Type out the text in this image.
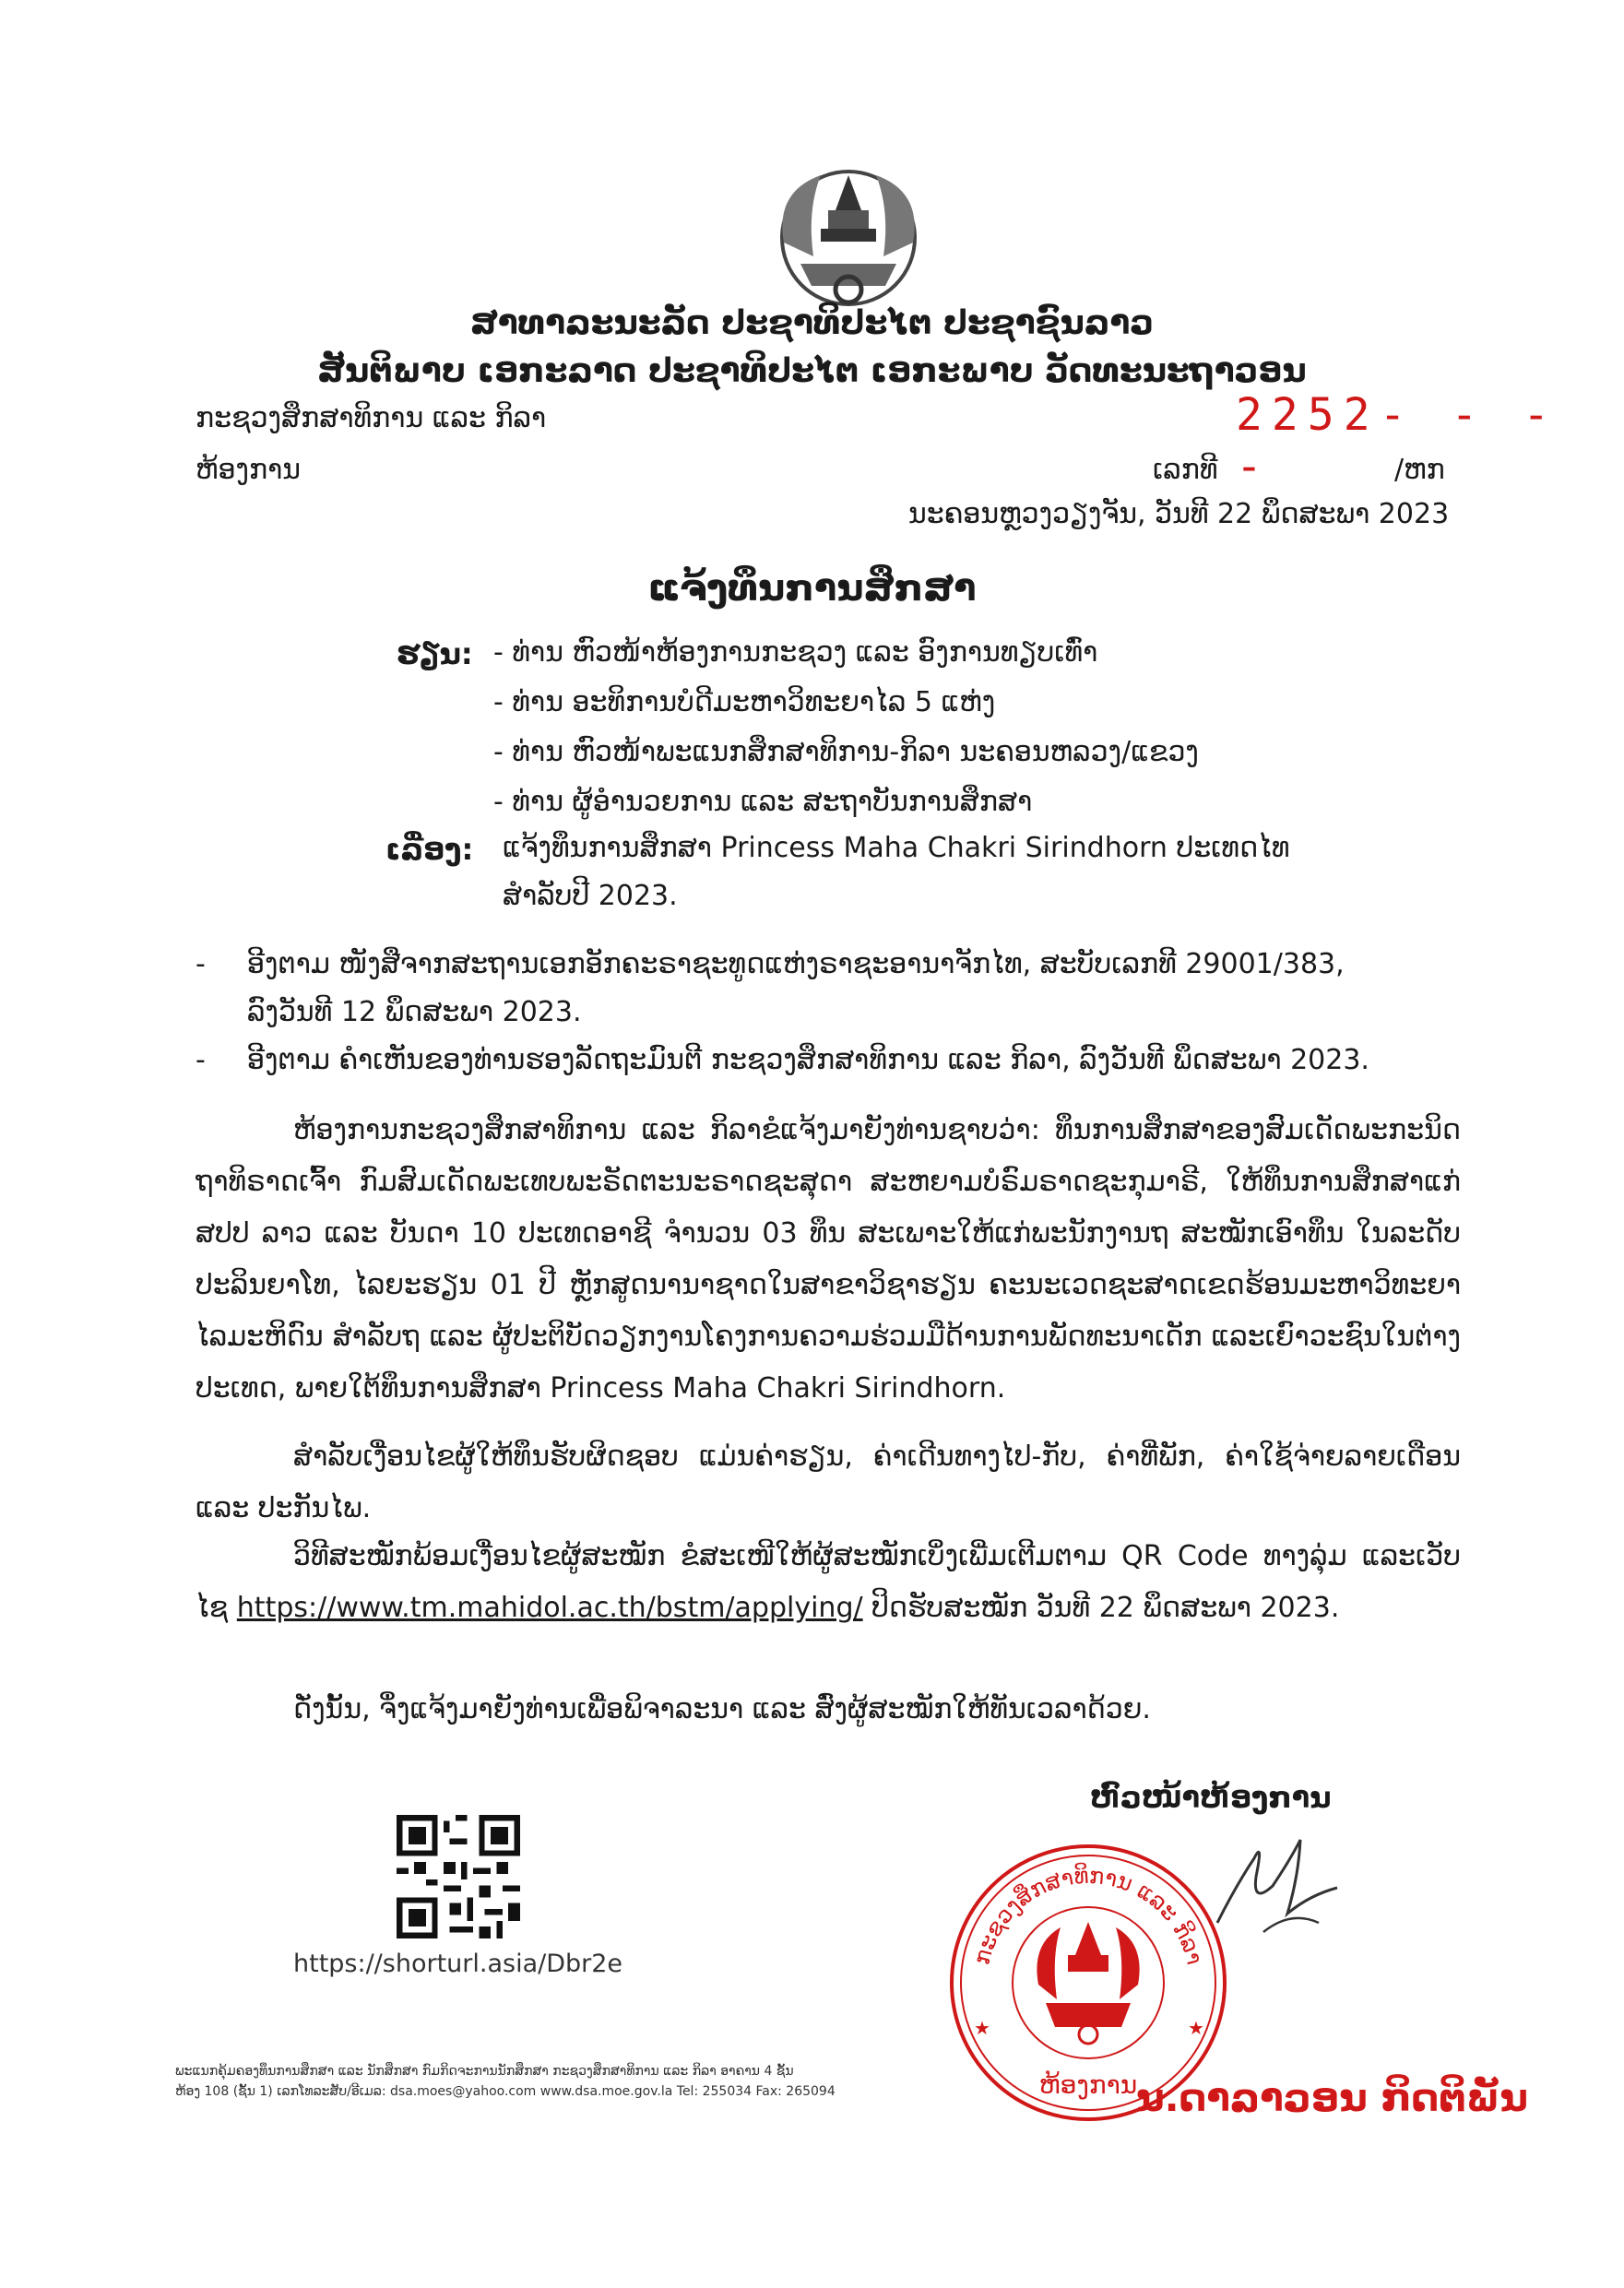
ສາທາລະນະລັດ ປະຊາທິປະໄຕ ປະຊາຊົນລາວ
ສັນຕິພາບ ເອກະລາດ ປະຊາທິປະໄຕ ເອກະພາບ ວັດທະນະຖາວອນ
ກະຊວງສຶກສາທິການ ແລະ ກິລາ	2252- - - -
ຫ້ອງການ	ເລກທີ	/ຫກ
ນະຄອນຫຼວງວຽງຈັນ, ວັນທີ 22 ພຶດສະພາ 2023
ແຈ້ງທຶນການສຶກສາ
ຮຽນ: - ທ່ານ ຫົວໜ້າຫ້ອງການກະຊວງ ແລະ ອົງການທຽບເທົ່າ
- ທ່ານ ອະທິການບໍດີມະຫາວິທະຍາໄລ 5 ແຫ່ງ
- ທ່ານ ຫົວໜ້າພະແນກສຶກສາທິການ-ກິລາ ນະຄອນຫລວງ/ແຂວງ
- ທ່ານ ຜູ້ອໍານວຍການ ແລະ ສະຖາບັນການສຶກສາ
ເລື່ອງ: ແຈ້ງທຶນການສຶກສາ Princess Maha Chakri Sirindhorn ປະເທດໄທ
ສໍາລັບປີ 2023.
- ອີງຕາມ ໜັງສືຈາກສະຖານເອກອັກຄະຣາຊະທູດແຫ່ງຣາຊະອານາຈັກໄທ, ສະບັບເລກທີ 29001/383,
ລົງວັນທີ 12 ພຶດສະພາ 2023.
- ອີງຕາມ ຄໍາເຫັນຂອງທ່ານຮອງລັດຖະມົນຕີ ກະຊວງສຶກສາທິການ ແລະ ກິລາ, ລົງວັນທີ ພຶດສະພາ 2023.
ຫ້ອງການກະຊວງສຶກສາທິການ ແລະ ກິລາຂໍແຈ້ງມາຍັງທ່ານຊາບວ່າ: ທຶນການສຶກສາຂອງສົມເດັດພະກະນິດຖາທິຣາດເຈົ້າ ກົມສົມເດັດພະເທບພະຣັດຕະນະຣາດຊະສຸດາ ສະຫຍາມບໍຣົມຣາດຊະກຸມາຣີ, ໃຫ້ທຶນການສຶກສາແກ່ ສປປ ລາວ ແລະ ບັນດາ 10 ປະເທດອາຊີ ຈໍານວນ 03 ທຶນ ສະເພາະໃຫ້ແກ່ພະນັກງານຖ ສະໝັກເອົາທຶນ ໃນລະດັບ ປະລິນຍາໂທ, ໄລຍະຮຽນ 01 ປີ ຫຼັກສູດນານາຊາດໃນສາຂາວິຊາຮຽນ ຄະນະເວດຊະສາດເຂດຮ້ອນມະຫາວິທະຍາໄລມະຫິດົນ ສໍາລັບຖ ແລະ ຜູ້ປະຕິບັດວຽກງານໂຄງການຄວາມຮ່ວມມືດ້ານການພັດທະນາເດັກ ແລະເຍົາວະຊົນໃນຕ່າງປະເທດ, ພາຍໃຕ້ທຶນການສຶກສາ Princess Maha Chakri Sirindhorn.
ສໍາລັບເງື່ອນໄຂຜູ້ໃຫ້ທຶນຮັບຜິດຊອບ ແມ່ນຄ່າຮຽນ, ຄ່າເດີນທາງໄປ-ກັບ, ຄ່າທີ່ພັກ, ຄ່າໃຊ້ຈ່າຍລາຍເດືອນ ແລະ ປະກັນໄພ.
ວິທີສະໝັກພ້ອມເງື່ອນໄຂຜູ້ສະໝັກ ຂໍສະເໜີໃຫ້ຜູ້ສະໝັກເບິ່ງເພີ່ມເຕີມຕາມ QR Code ທາງລຸ່ມ ແລະເວັບໄຊ https://www.tm.mahidol.ac.th/bstm/applying/ ປິດຮັບສະໝັກ ວັນທີ 22 ພຶດສະພາ 2023.
ດັ່ງນັ້ນ, ຈຶ່ງແຈ້ງມາຍັງທ່ານເພື່ອພິຈາລະນາ ແລະ ສົ່ງຜູ້ສະໝັກໃຫ້ທັນເວລາດ້ວຍ.
ຫົວໜ້າຫ້ອງການ
https://shorturl.asia/Dbr2e
ພະແນກຄຸ້ມຄອງທຶນການສຶກສາ ແລະ ນັກສຶກສາ ກົມກິດຈະການນັກສຶກສາ ກະຊວງສຶກສາທິການ ແລະ ກິລາ ອາຄານ 4 ຊັ້ນ
ຫ້ອງ 108 (ຊັ້ນ 1) ເລກໂທລະສັບ/ອີເມລ: dsa.moes@yahoo.com www.dsa.moe.gov.la Tel: 255034 Fax: 265094
ກະຊວງສຶກສາທິການ ແລະ ກິລາ
ຫ້ອງການ
★	★
ນ.ດາລາວອນ ກິດຕິພັນ
